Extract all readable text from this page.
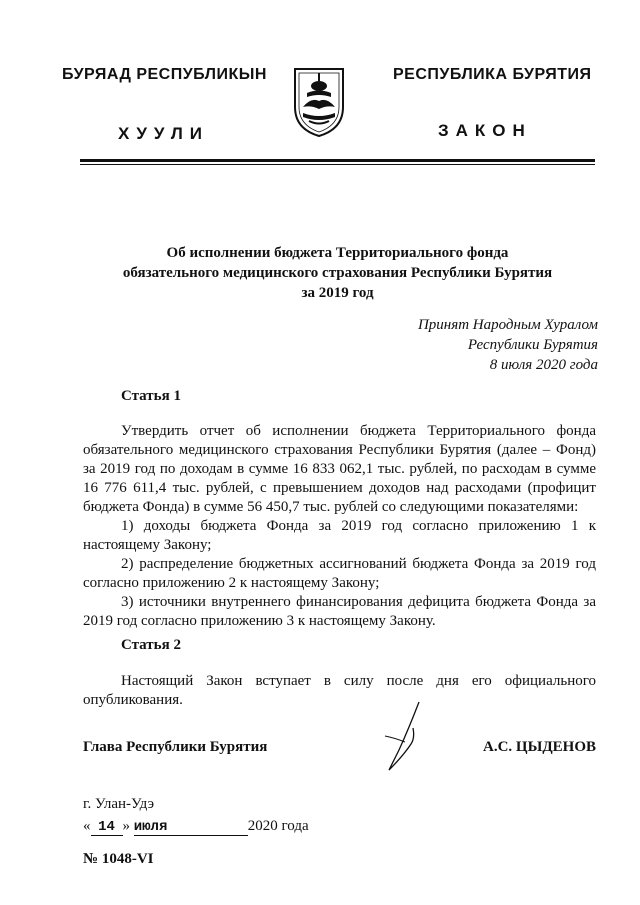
БУРЯАД РЕСПУБЛИКЫН	РЕСПУБЛИКА БУРЯТИЯ
ХУУЛИ	ЗАКОН
Об исполнении бюджета Территориального фонда
обязательного медицинского страхования Республики Бурятия
за 2019 год
Принят Народным Хуралом
Республики Бурятия
8 июля 2020 года
Статья 1

Утвердить отчет об исполнении бюджета Территориального фонда обязательного медицинского страхования Республики Бурятия (далее – Фонд) за 2019 год по доходам в сумме 16 833 062,1 тыс. рублей, по расходам в сумме 16 776 611,4 тыс. рублей, с превышением доходов над расходами (профицит бюджета Фонда) в сумме 56 450,7 тыс. рублей со следующими показателями:

1) доходы бюджета Фонда за 2019 год согласно приложению 1 к настоящему Закону;

2) распределение бюджетных ассигнований бюджета Фонда за 2019 год согласно приложению 2 к настоящему Закону;

3) источники внутреннего финансирования дефицита бюджета Фонда за 2019 год согласно приложению 3 к настоящему Закону.

Статья 2

Настоящий Закон вступает в силу после дня его официального опубликования.

Глава Республики Бурятия	А.С. ЦЫДЕНОВ
г. Улан-Удэ
« 14 » июля	2020 года
№ 1048-VI
